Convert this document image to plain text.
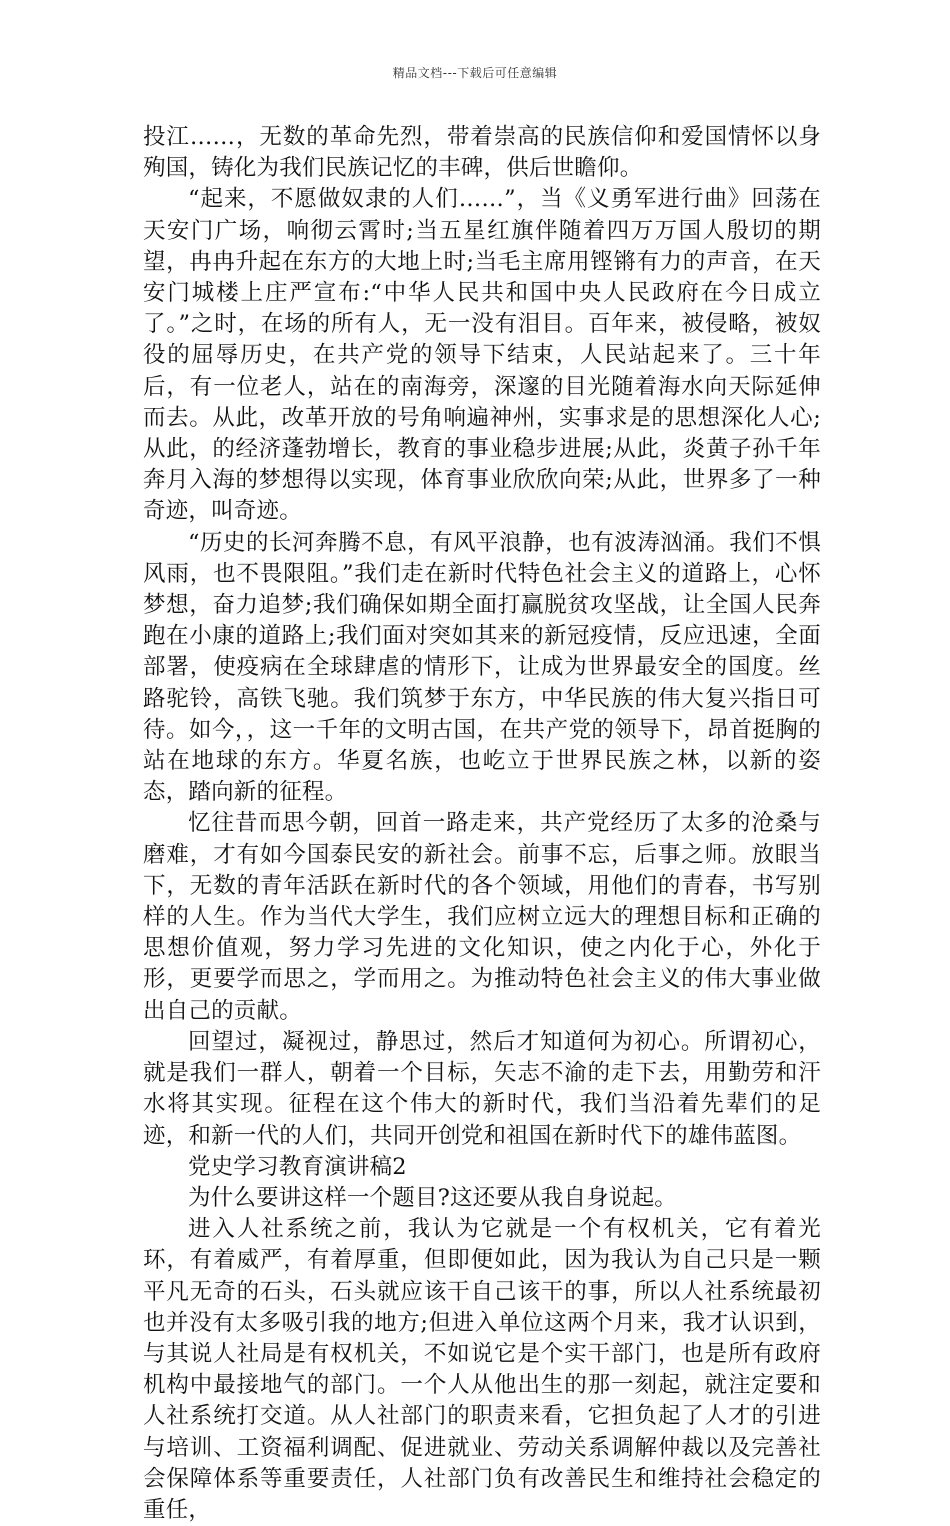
精品文档---下载后可任意编辑

投江……，无数的革命先烈，带着崇高的民族信仰和爱国情怀以身殉国，铸化为我们民族记忆的丰碑，供后世瞻仰。

“起来，不愿做奴隶的人们……”，当《义勇军进行曲》回荡在天安门广场，响彻云霄时;当五星红旗伴随着四万万国人殷切的期望，冉冉升起在东方的大地上时;当毛主席用铿锵有力的声音，在天安门城楼上庄严宣布:“中华人民共和国中央人民政府在今日成立了。”之时，在场的所有人，无一没有泪目。百年来，被侵略，被奴役的屈辱历史，在共产党的领导下结束，人民站起来了。三十年后，有一位老人，站在的南海旁，深邃的目光随着海水向天际延伸而去。从此，改革开放的号角响遍神州，实事求是的思想深化人心;从此，的经济蓬勃增长，教育的事业稳步进展;从此，炎黄子孙千年奔月入海的梦想得以实现，体育事业欣欣向荣;从此，世界多了一种奇迹，叫奇迹。

“历史的长河奔腾不息，有风平浪静，也有波涛汹涌。我们不惧风雨，也不畏限阻。”我们走在新时代特色社会主义的道路上，心怀梦想，奋力追梦;我们确保如期全面打赢脱贫攻坚战，让全国人民奔跑在小康的道路上;我们面对突如其来的新冠疫情，反应迅速，全面部署，使疫病在全球肆虐的情形下，让成为世界最安全的国度。丝路驼铃，高铁飞驰。我们筑梦于东方，中华民族的伟大复兴指日可待。如今，，这一千年的文明古国，在共产党的领导下，昂首挺胸的站在地球的东方。华夏名族，也屹立于世界民族之林，以新的姿态，踏向新的征程。

忆往昔而思今朝，回首一路走来，共产党经历了太多的沧桑与磨难，才有如今国泰民安的新社会。前事不忘，后事之师。放眼当下，无数的青年活跃在新时代的各个领域，用他们的青春，书写别样的人生。作为当代大学生，我们应树立远大的理想目标和正确的思想价值观，努力学习先进的文化知识，使之内化于心，外化于形，更要学而思之，学而用之。为推动特色社会主义的伟大事业做出自己的贡献。

回望过，凝视过，静思过，然后才知道何为初心。所谓初心，就是我们一群人，朝着一个目标，矢志不渝的走下去，用勤劳和汗水将其实现。征程在这个伟大的新时代，我们当沿着先辈们的足迹，和新一代的人们，共同开创党和祖国在新时代下的雄伟蓝图。

党史学习教育演讲稿2

为什么要讲这样一个题目?这还要从我自身说起。

进入人社系统之前，我认为它就是一个有权机关，它有着光环，有着威严，有着厚重，但即便如此，因为我认为自己只是一颗平凡无奇的石头，石头就应该干自己该干的事，所以人社系统最初也并没有太多吸引我的地方;但进入单位这两个月来，我才认识到，与其说人社局是有权机关，不如说它是个实干部门，也是所有政府机构中最接地气的部门。一个人从他出生的那一刻起，就注定要和人社系统打交道。从人社部门的职责来看，它担负起了人才的引进与培训、工资福利调配、促进就业、劳动关系调解仲裁以及完善社会保障体系等重要责任，人社部门负有改善民生和维持社会稳定的重任，
